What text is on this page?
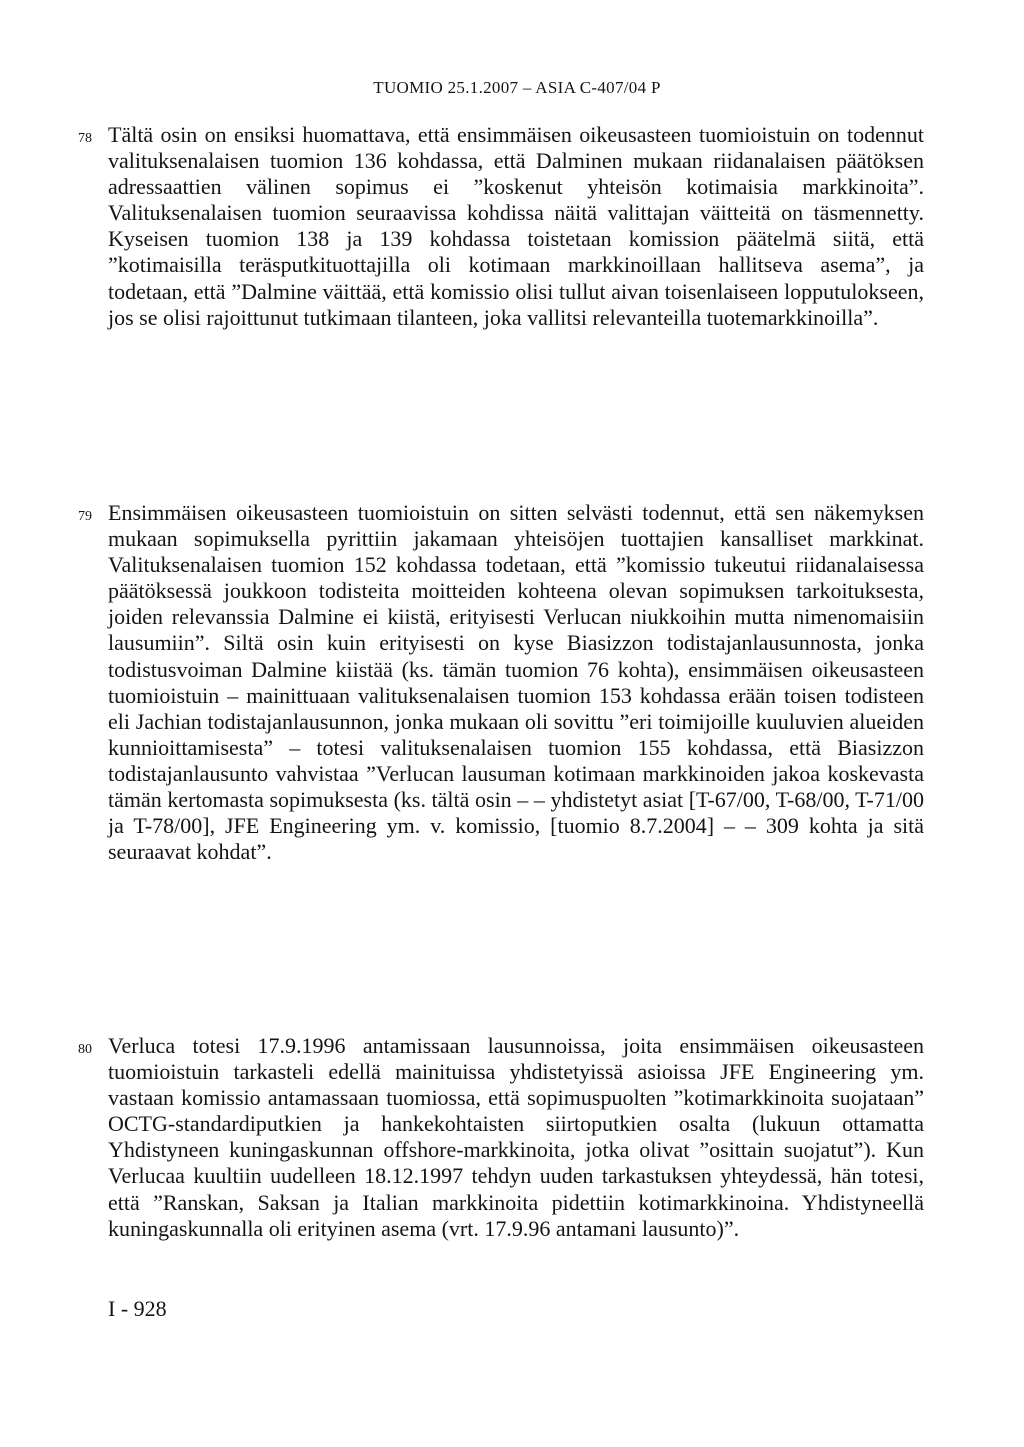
TUOMIO 25.1.2007 – ASIA C-407/04 P
78 Tältä osin on ensiksi huomattava, että ensimmäisen oikeusasteen tuomioistuin on todennut valituksenalaisen tuomion 136 kohdassa, että Dalminen mukaan riidanalaisen päätöksen adressaattien välinen sopimus ei ”koskenut yhteisön kotimaisia markkinoita”. Valituksenalaisen tuomion seuraavissa kohdissa näitä valittajan väitteitä on täsmennetty. Kyseisen tuomion 138 ja 139 kohdassa toistetaan komission päätelmä siitä, että ”kotimaisilla teräsputkituottajilla oli kotimaan markkinoillaan hallitseva asema”, ja todetaan, että ”Dalmine väittää, että komissio olisi tullut aivan toisenlaiseen lopputulokseen, jos se olisi rajoittunut tutkimaan tilanteen, joka vallitsi relevanteilla tuotemarkkinoilla”.

79 Ensimmäisen oikeusasteen tuomioistuin on sitten selvästi todennut, että sen näkemyksen mukaan sopimuksella pyrittiin jakamaan yhteisöjen tuottajien kansalliset markkinat. Valituksenalaisen tuomion 152 kohdassa todetaan, että ”komissio tukeutui riidanalaisessa päätöksessä joukkoon todisteita moitteiden kohteena olevan sopimuksen tarkoituksesta, joiden relevanssia Dalmine ei kiistä, erityisesti Verlucan niukkoihin mutta nimenomaisiin lausumiin”. Siltä osin kuin erityisesti on kyse Biasizzon todistajanlausunnosta, jonka todistusvoiman Dalmine kiistää (ks. tämän tuomion 76 kohta), ensimmäisen oikeusasteen tuomioistuin – mainittuaan valituksenalaisen tuomion 153 kohdassa erään toisen todisteen eli Jachian todistajanlausunnon, jonka mukaan oli sovittu ”eri toimijoille kuuluvien alueiden kunnioittamisesta” – totesi valituksenalaisen tuomion 155 kohdassa, että Biasizzon todistajanlausunto vahvistaa ”Verlucan lausuman kotimaan markkinoiden jakoa koskevasta tämän kertomasta sopimuksesta (ks. tältä osin – – yhdistetyt asiat [T-67/00, T-68/00, T-71/00 ja T-78/00], JFE Engineering ym. v. komissio, [tuomio 8.7.2004] – – 309 kohta ja sitä seuraavat kohdat”.

80 Verluca totesi 17.9.1996 antamissaan lausunnoissa, joita ensimmäisen oikeusasteen tuomioistuin tarkasteli edellä mainituissa yhdistetyissä asioissa JFE Engineering ym. vastaan komissio antamassaan tuomiossa, että sopimuspuolten ”kotimarkkinoita suojataan” OCTG-standardiputkien ja hankekohtaisten siirtoputkien osalta (lukuun ottamatta Yhdistyneen kuningaskunnan offshore-markkinoita, jotka olivat ”osittain suojatut”). Kun Verlucaa kuultiin uudelleen 18.12.1997 tehdyn uuden tarkastuksen yhteydessä, hän totesi, että ”Ranskan, Saksan ja Italian markkinoita pidettiin kotimarkkinoina. Yhdistyneellä kuningaskunnalla oli erityinen asema (vrt. 17.9.96 antamani lausunto)”.

I - 928
